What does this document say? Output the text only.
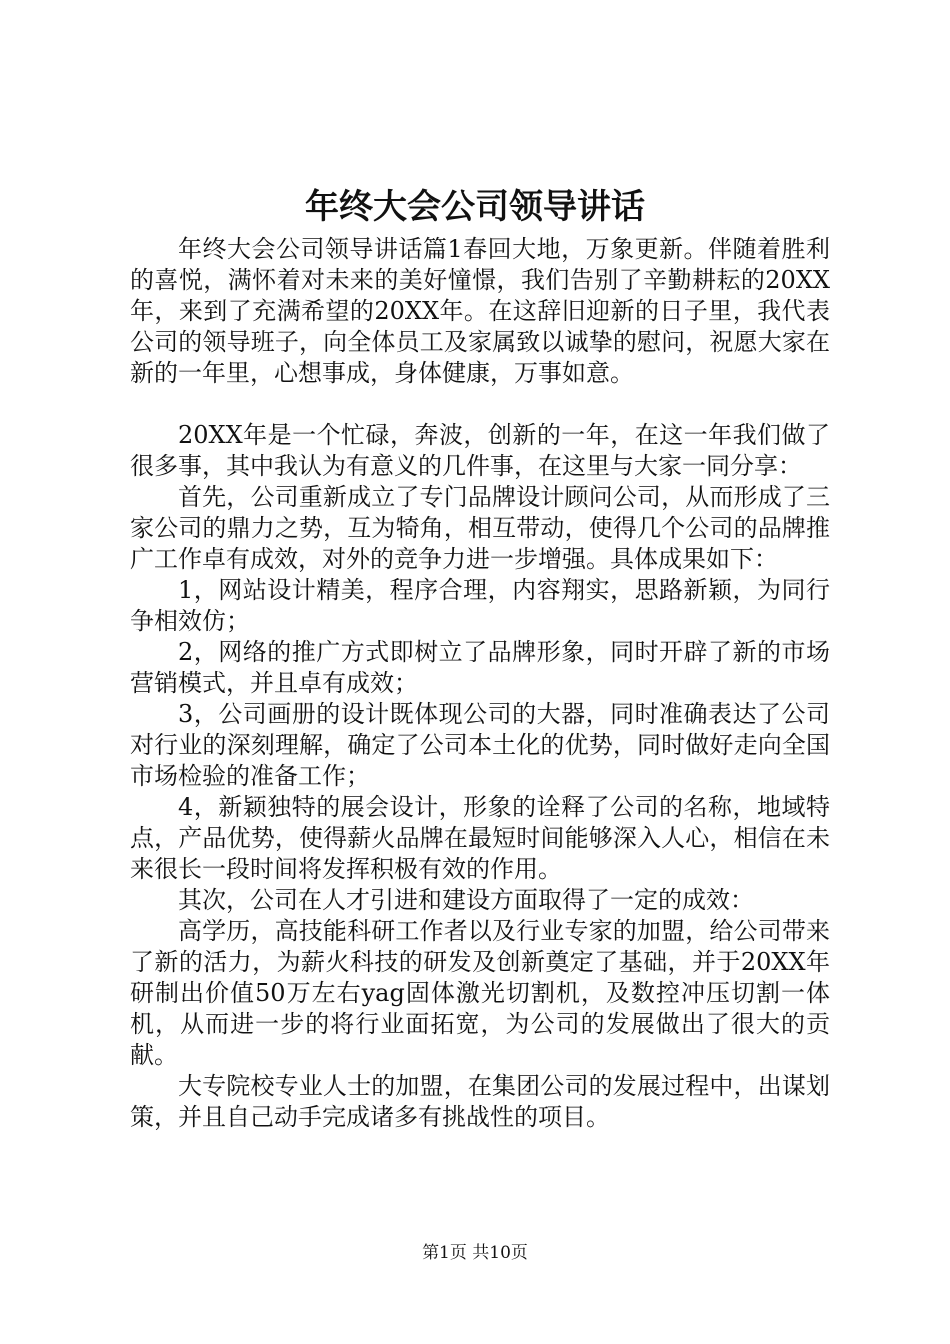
年终大会公司领导讲话

年终大会公司领导讲话篇1春回大地，万象更新。伴随着胜利的喜悦，满怀着对未来的美好憧憬，我们告别了辛勤耕耘的20XX年，来到了充满希望的20XX年。在这辞旧迎新的日子里，我代表公司的领导班子，向全体员工及家属致以诚挚的慰问，祝愿大家在新的一年里，心想事成，身体健康，万事如意。

20XX年是一个忙碌，奔波，创新的一年，在这一年我们做了很多事，其中我认为有意义的几件事，在这里与大家一同分享：

首先，公司重新成立了专门品牌设计顾问公司，从而形成了三家公司的鼎力之势，互为犄角，相互带动，使得几个公司的品牌推广工作卓有成效，对外的竞争力进一步增强。具体成果如下：

1，网站设计精美，程序合理，内容翔实，思路新颖，为同行争相效仿；

2，网络的推广方式即树立了品牌形象，同时开辟了新的市场营销模式，并且卓有成效；

3，公司画册的设计既体现公司的大器，同时准确表达了公司对行业的深刻理解，确定了公司本土化的优势，同时做好走向全国市场检验的准备工作；

4，新颖独特的展会设计，形象的诠释了公司的名称，地域特点，产品优势，使得薪火品牌在最短时间能够深入人心，相信在未来很长一段时间将发挥积极有效的作用。

其次，公司在人才引进和建设方面取得了一定的成效：

高学历，高技能科研工作者以及行业专家的加盟，给公司带来了新的活力，为薪火科技的研发及创新奠定了基础，并于20XX年研制出价值50万左右yag固体激光切割机，及数控冲压切割一体机，从而进一步的将行业面拓宽，为公司的发展做出了很大的贡献。

大专院校专业人士的加盟，在集团公司的发展过程中，出谋划策，并且自己动手完成诸多有挑战性的项目。

第1页 共10页
